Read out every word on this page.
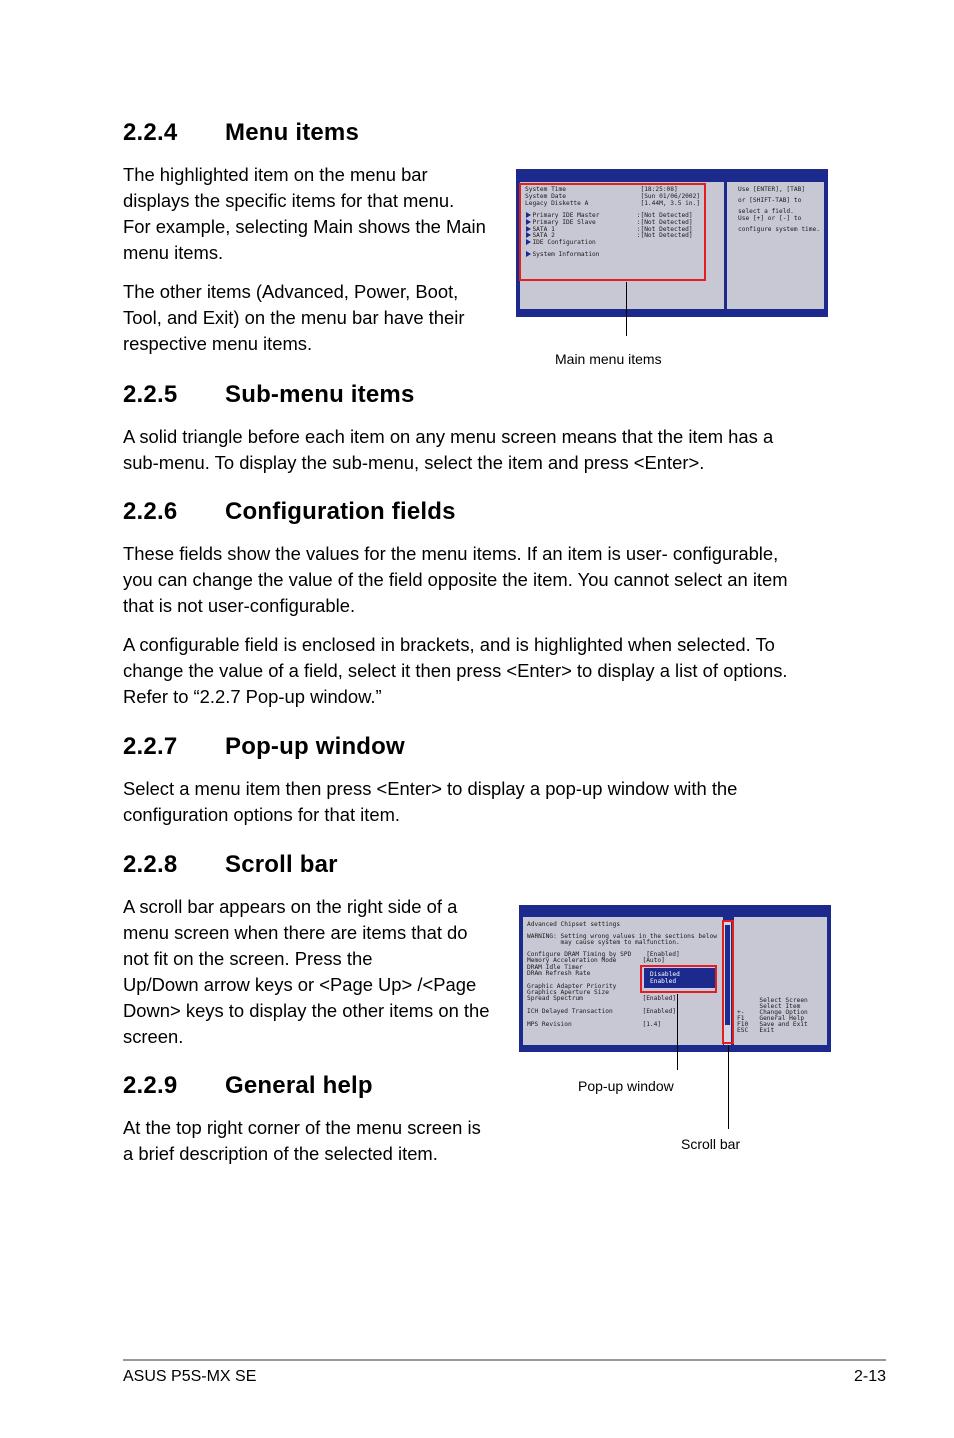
2.2.4 Menu items

The highlighted item on the menu bar
displays the specific items for that menu.
For example, selecting Main shows the Main
menu items.

The other items (Advanced, Power, Boot,
Tool, and Exit) on the menu bar have their
respective menu items.

System Time                    [18:25:08]
System Date                    [Sun 01/06/2002]
Legacy Diskette A              [1.44M, 3.5 in.]
Primary IDE Master          :[Not Detected]
Primary IDE Slave           :[Not Detected]
SATA 1                      :[Not Detected]
SATA 2                      :[Not Detected]
IDE Configuration
System Information
Use [ENTER], [TAB]
or [SHIFT-TAB] to
select a field.
Use [+] or [-] to
configure system time.
Main menu items
2.2.5 Sub-menu items

A solid triangle before each item on any menu screen means that the item has a
sub-menu. To display the sub-menu, select the item and press <Enter>.

2.2.6 Configuration fields

These fields show the values for the menu items. If an item is user- configurable,
you can change the value of the field opposite the item. You cannot select an item
that is not user-configurable.

A configurable field is enclosed in brackets, and is highlighted when selected. To
change the value of a field, select it then press <Enter> to display a list of options.
Refer to “2.2.7 Pop-up window.”

2.2.7 Pop-up window

Select a menu item then press <Enter> to display a pop-up window with the
configuration options for that item.

2.2.8 Scroll bar

A scroll bar appears on the right side of a
menu screen when there are items that do
not fit on the screen. Press the
Up/Down arrow keys or <Page Up> /<Page
Down> keys to display the other items on the
screen.

Advanced Chipset settings
WARNING: Setting wrong values in the sections below
may cause system to malfunction.
Configure DRAM Timing by SPD    [Enabled]
Memory Acceleration Mode       [Auto]
DRAM Idle Timer
DRAm Refresh Rate
Graphic Adapter Priority
Graphics Aperture Size
Spread Spectrum                [Enabled]
ICH Delayed Transaction        [Enabled]
MPS Revision                   [1.4]
Disabled
Enabled
Select Screen
Select Item
+-    Change Option
F1    General Help
F10   Save and Exit
ESC   Exit
Pop-up window
Scroll bar
2.2.9 General help

At the top right corner of the menu screen is
a brief description of the selected item.

ASUS P5S-MX SE	2-13
